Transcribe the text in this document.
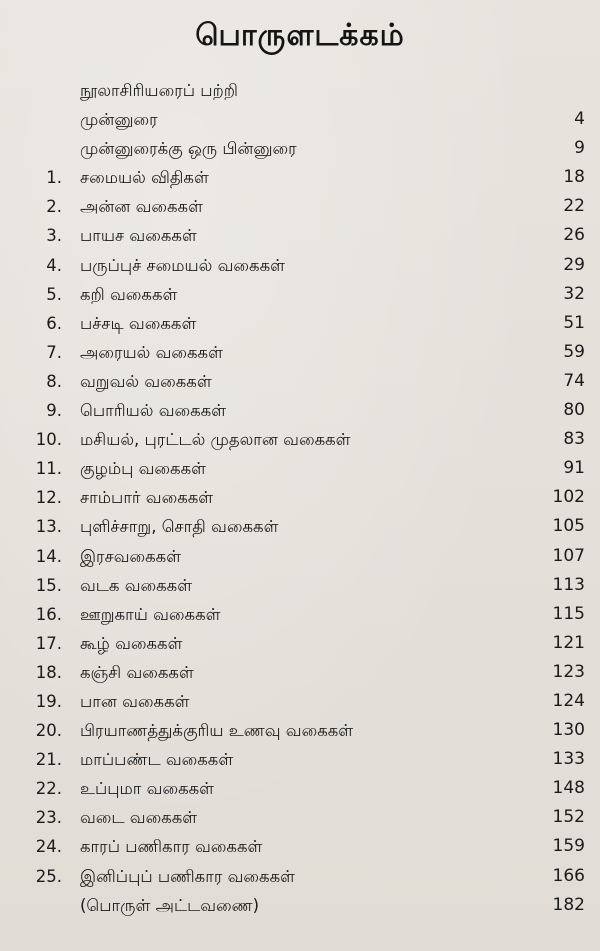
பொருளடக்கம்
நூலாசிரியரைப் பற்றி
முன்னுரை	4
முன்னுரைக்கு ஒரு பின்னுரை	9
1. சமையல் விதிகள்	18
2. அன்ன வகைகள்	22
3. பாயச வகைகள்	26
4. பருப்புச் சமையல் வகைகள்	29
5. கறி வகைகள்	32
6. பச்சடி வகைகள்	51
7. அரையல் வகைகள்	59
8. வறுவல் வகைகள்	74
9. பொரியல் வகைகள்	80
10. மசியல், புரட்டல் முதலான வகைகள்	83
11. குழம்பு வகைகள்	91
12. சாம்பார் வகைகள்	102
13. புளிச்சாறு, சொதி வகைகள்	105
14. இரசவகைகள்	107
15. வடக வகைகள்	113
16. ஊறுகாய் வகைகள்	115
17. கூழ் வகைகள்	121
18. கஞ்சி வகைகள்	123
19. பான வகைகள்	124
20. பிரயாணத்துக்குரிய உணவு வகைகள்	130
21. மாப்பண்ட வகைகள்	133
22. உப்புமா வகைகள்	148
23. வடை வகைகள்	152
24. காரப் பணிகார வகைகள்	159
25. இனிப்புப் பணிகார வகைகள்	166
(பொருள் அட்டவணை)	182
